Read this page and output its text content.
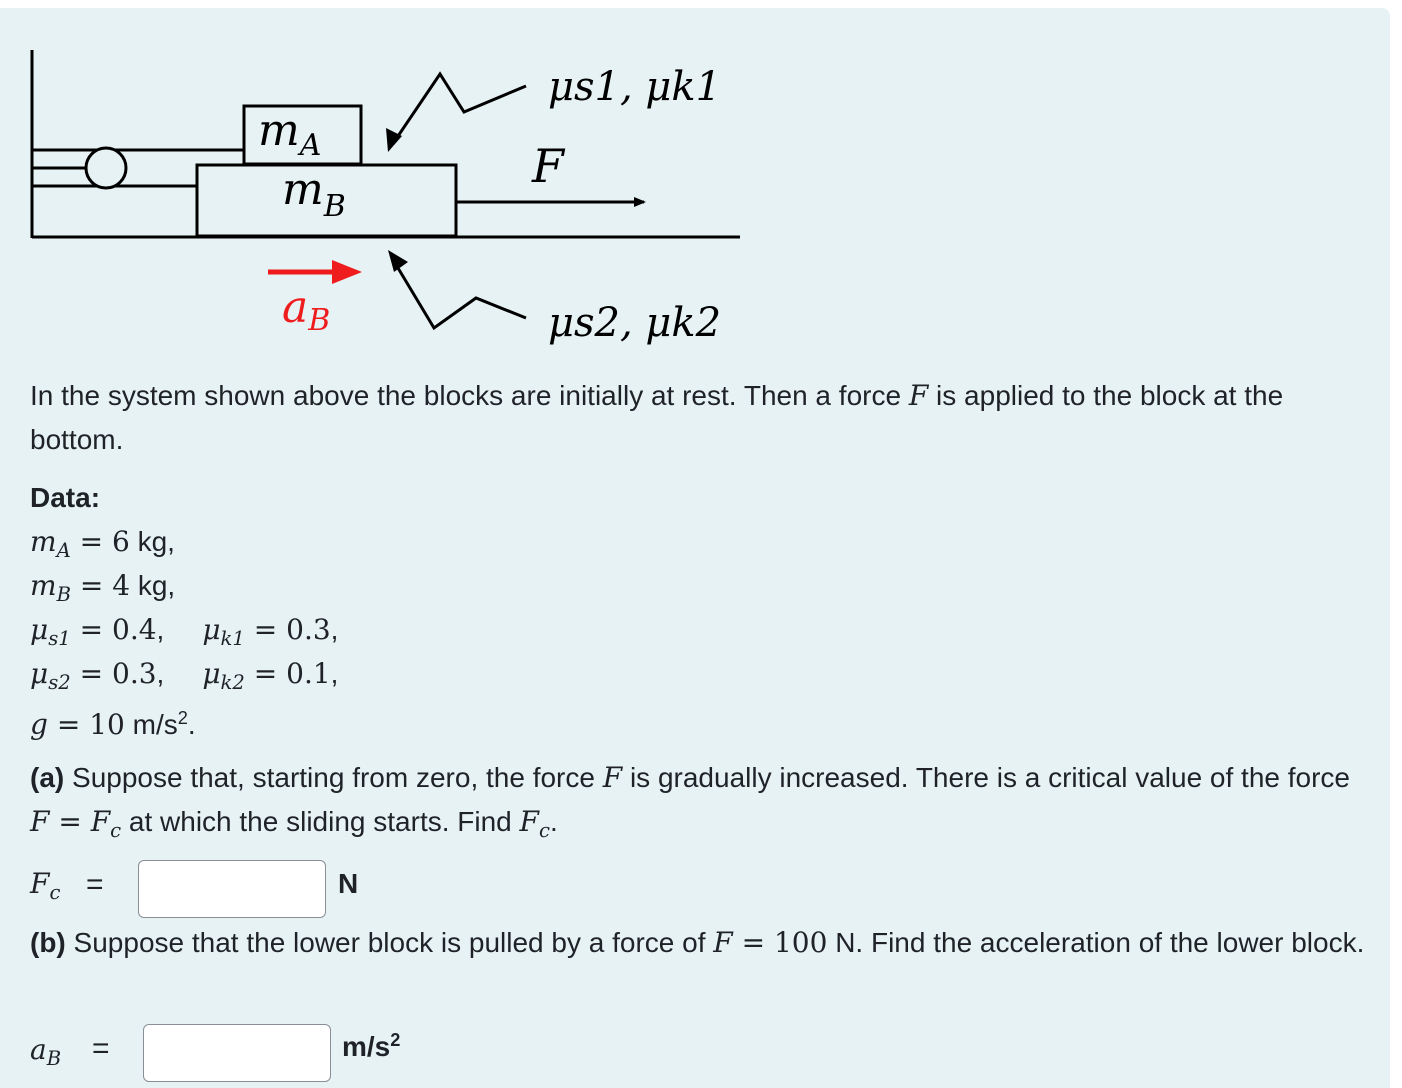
$m_A$
$m_B$
F
μs1, μk1
μs2, μk2
aB

In the system shown above the blocks are initially at rest. Then a force F is applied to the block at the bottom.

Data:
$m_A = 6$ kg,
$m_B = 4$ kg,
$\mu_{s1} = 0.4$, $\mu_{k1} = 0.3$,
$\mu_{s2} = 0.3$, $\mu_{k2} = 0.1$,
g = 10 $m/s^2$.

(a) Suppose that, starting from zero, the force F is gradually increased. There is a critical value of the force $F = F_c$ at which the sliding starts. Find $F_c$.

$F_c$ =	N

(b) Suppose that the lower block is pulled by a force of F = 100 N. Find the acceleration of the lower block.

$a_B$ =	$m/s^2$
